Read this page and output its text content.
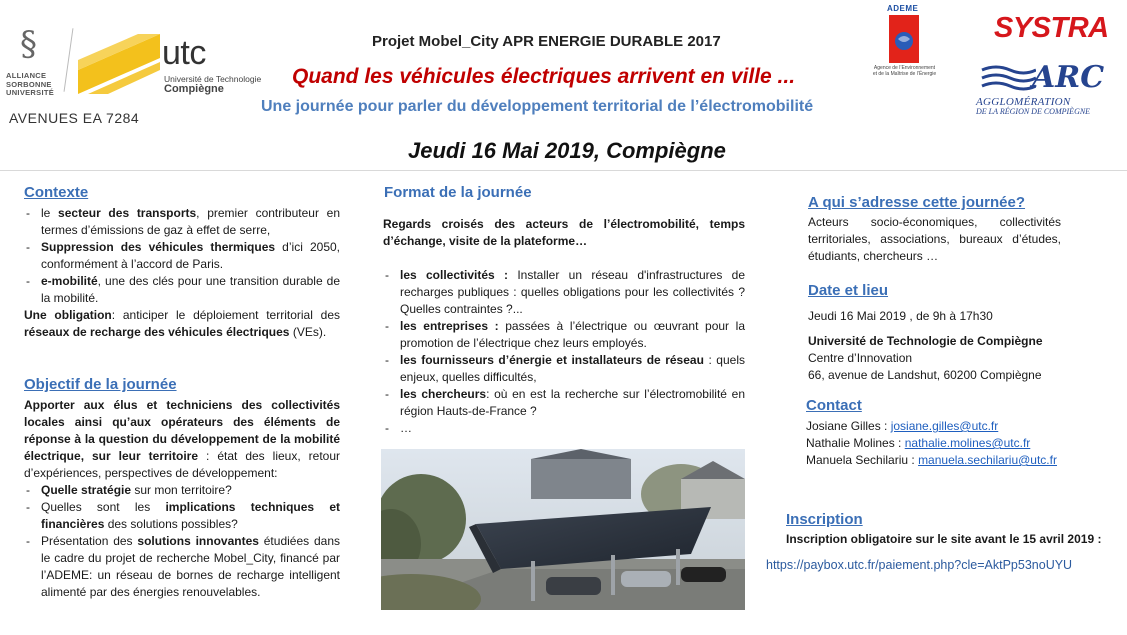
§
ALLIANCE
SORBONNE
UNIVERSITÉ
utc
Université de Technologie
Compiègne
AVENUES EA 7284
ADEME
Agence de l’Environnement et de la Maîtrise de l’Énergie
SYSTRA
ARC
AGGLOMÉRATION
DE LA RÉGION DE COMPIÈGNE
Projet Mobel_City APR ENERGIE DURABLE 2017
Quand les véhicules électriques arrivent en ville ...
Une journée pour parler du développement territorial de l’électromobilité
Jeudi 16 Mai 2019, Compiègne
Contexte
- le secteur des transports, premier contributeur en termes d’émissions de gaz à effet de serre,
- Suppression des véhicules thermiques d’ici 2050, conformément à l’accord de Paris.
- e-mobilité, une des clés pour une transition durable de la mobilité.
Une obligation: anticiper le déploiement territorial des réseaux de recharge des véhicules électriques (VEs).
Objectif de la journée
Apporter aux élus et techniciens des collectivités locales ainsi qu’aux opérateurs des éléments de réponse à la question du développement de la mobilité électrique, sur leur territoire : état des lieux, retour d’expériences, perspectives de développement:
- Quelle stratégie sur mon territoire?
- Quelles sont les implications techniques et financières des solutions possibles?
- Présentation des solutions innovantes étudiées dans le cadre du projet de recherche Mobel_City, financé par l’ADEME: un réseau de bornes de recharge intelligent alimenté par des énergies renouvelables.
Format de la journée
Regards croisés des acteurs de l’électromobilité, temps d’échange, visite de la plateforme…
- les collectivités : Installer un réseau d'infrastructures de recharges publiques : quelles obligations pour les collectivités ? Quelles contraintes ?...
- les entreprises : passées à l’électrique ou œuvrant pour la promotion de l’électrique chez leurs employés.
- les fournisseurs d’énergie et installateurs de réseau : quels enjeux, quelles difficultés,
- les chercheurs: où en est la recherche sur l’électromobilité en région Hauts-de-France ?
- …
A qui s’adresse cette journée?
Acteurs socio-économiques, collectivités territoriales, associations, bureaux d’études, étudiants, chercheurs …
Date et lieu
Jeudi 16 Mai 2019 , de 9h à 17h30
Université de Technologie de Compiègne
Centre d’Innovation
66, avenue de Landshut, 60200 Compiègne
Contact
Josiane Gilles : josiane.gilles@utc.fr
Nathalie Molines : nathalie.molines@utc.fr
Manuela Sechilariu : manuela.sechilariu@utc.fr
Inscription
Inscription obligatoire sur le site avant le 15 avril 2019 :
https://paybox.utc.fr/paiement.php?cle=AktPp53noUYU
